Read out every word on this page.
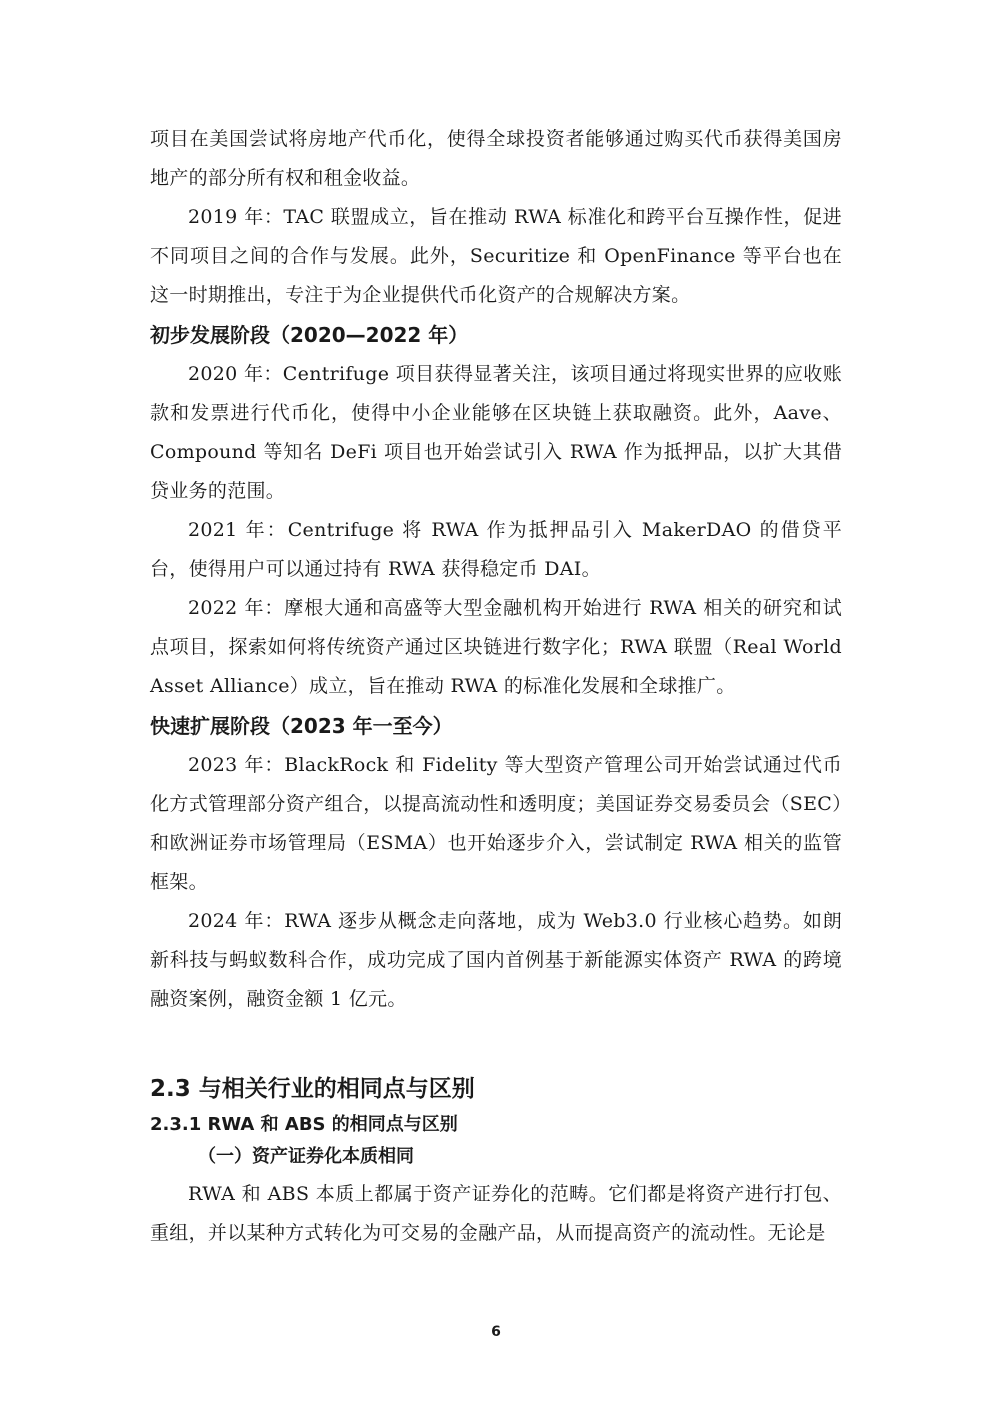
项目在美国尝试将房地产代币化，使得全球投资者能够通过购买代币获得美国房地产的部分所有权和租金收益。

2019 年：TAC 联盟成立，旨在推动 RWA 标准化和跨平台互操作性，促进不同项目之间的合作与发展。此外，Securitize 和 OpenFinance 等平台也在这一时期推出，专注于为企业提供代币化资产的合规解决方案。

初步发展阶段（2020—2022 年）

2020 年：Centrifuge 项目获得显著关注，该项目通过将现实世界的应收账款和发票进行代币化，使得中小企业能够在区块链上获取融资。此外，Aave、Compound 等知名 DeFi 项目也开始尝试引入 RWA 作为抵押品，以扩大其借贷业务的范围。

2021 年：Centrifuge 将 RWA 作为抵押品引入 MakerDAO 的借贷平台，使得用户可以通过持有 RWA 获得稳定币 DAI。

2022 年：摩根大通和高盛等大型金融机构开始进行 RWA 相关的研究和试点项目，探索如何将传统资产通过区块链进行数字化；RWA 联盟（Real World Asset Alliance）成立，旨在推动 RWA 的标准化发展和全球推广。

快速扩展阶段（2023 年一至今）

2023 年：BlackRock 和 Fidelity 等大型资产管理公司开始尝试通过代币化方式管理部分资产组合，以提高流动性和透明度；美国证券交易委员会（SEC）和欧洲证券市场管理局（ESMA）也开始逐步介入，尝试制定 RWA 相关的监管框架。

2024 年：RWA 逐步从概念走向落地，成为 Web3.0 行业核心趋势。如朗新科技与蚂蚁数科合作，成功完成了国内首例基于新能源实体资产 RWA 的跨境融资案例，融资金额 1 亿元。

2.3 与相关行业的相同点与区别
2.3.1 RWA 和 ABS 的相同点与区别
（一）资产证券化本质相同

RWA 和 ABS 本质上都属于资产证券化的范畴。它们都是将资产进行打包、重组，并以某种方式转化为可交易的金融产品，从而提高资产的流动性。无论是

6
